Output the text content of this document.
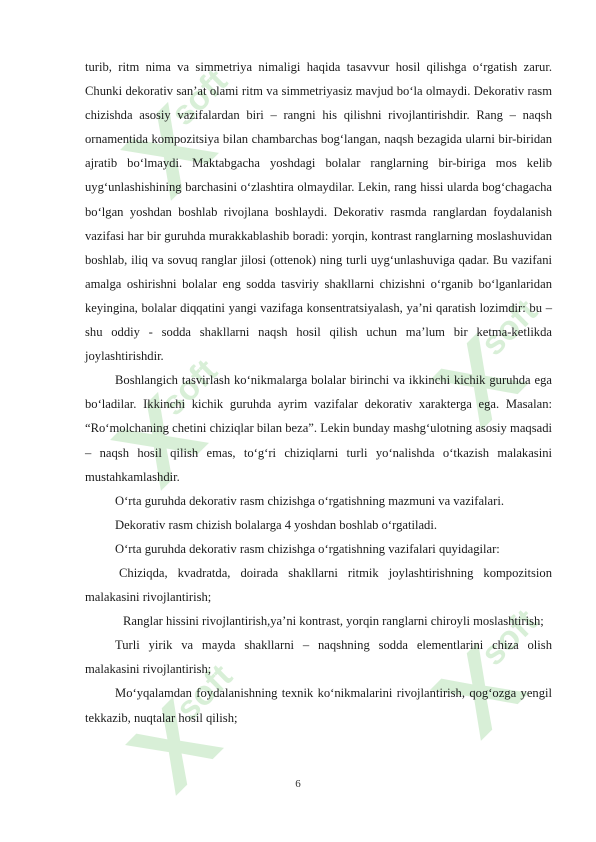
soft

turib, ritm nima va simmetriya nimaligi haqida tasavvur hosil qilishga o‘rgatish zarur. Chunki dekorativ san’at olami ritm va simmetriyasiz mavjud bo‘la olmaydi. Dekorativ rasm chizishda asosiy vazifalardan biri – rangni his qilishni rivojlantirishdir. Rang – naqsh ornamentida kompozitsiya bilan chambarchas bog‘langan, naqsh bezagida ularni bir-biridan ajratib bo‘lmaydi. Maktabgacha yoshdagi bolalar ranglarning bir-biriga mos kelib uyg‘unlashishining barchasini o‘zlashtira olmaydilar. Lekin, rang hissi ularda bog‘chagacha bo‘lgan yoshdan boshlab rivojlana boshlaydi. Dekorativ rasmda ranglardan foydalanish vazifasi har bir guruhda murakkablashib boradi: yorqin, kontrast ranglarning moslashuvidan boshlab, iliq va sovuq ranglar jilosi (ottenok) ning turli uyg‘unlashuviga qadar. Bu vazifani amalga oshirishni bolalar eng sodda tasviriy shakllarni chizishni o‘rganib bo‘lganlaridan keyingina, bolalar diqqatini yangi vazifaga konsentratsiyalash, ya’ni qaratish lozimdir: bu – shu oddiy - sodda shakllarni naqsh hosil qilish uchun ma’lum bir ketma-ketlikda joylashtirishdir.

Boshlangich tasvirlash ko‘nikmalarga bolalar birinchi va ikkinchi kichik guruhda ega bo‘ladilar. Ikkinchi kichik guruhda ayrim vazifalar dekorativ xarakterga ega. Masalan: “Ro‘molchaning chetini chiziqlar bilan beza”. Lekin bunday mashg‘ulotning asosiy maqsadi – naqsh hosil qilish emas, to‘g‘ri chiziqlarni turli yo‘nalishda o‘tkazish malakasini mustahkamlashdir.

O‘rta guruhda dekorativ rasm chizishga o‘rgatishning mazmuni va vazifalari.

Dekorativ rasm chizish bolalarga 4 yoshdan boshlab o‘rgatiladi.

O‘rta guruhda dekorativ rasm chizishga o‘rgatishning vazifalari quyidagilar:

Chiziqda, kvadratda, doirada shakllarni ritmik joylashtirishning kompozitsion malakasini rivojlantirish;

Ranglar hissini rivojlantirish,ya’ni kontrast, yorqin ranglarni chiroyli moslashtirish;

Turli yirik va mayda shakllarni – naqshning sodda elementlarini chiza olish malakasini rivojlantirish;

Mo‘yqalamdan foydalanishning texnik ko‘nikmalarini rivojlantirish, qog‘ozga yengil tekkazib, nuqtalar hosil qilish;

6
